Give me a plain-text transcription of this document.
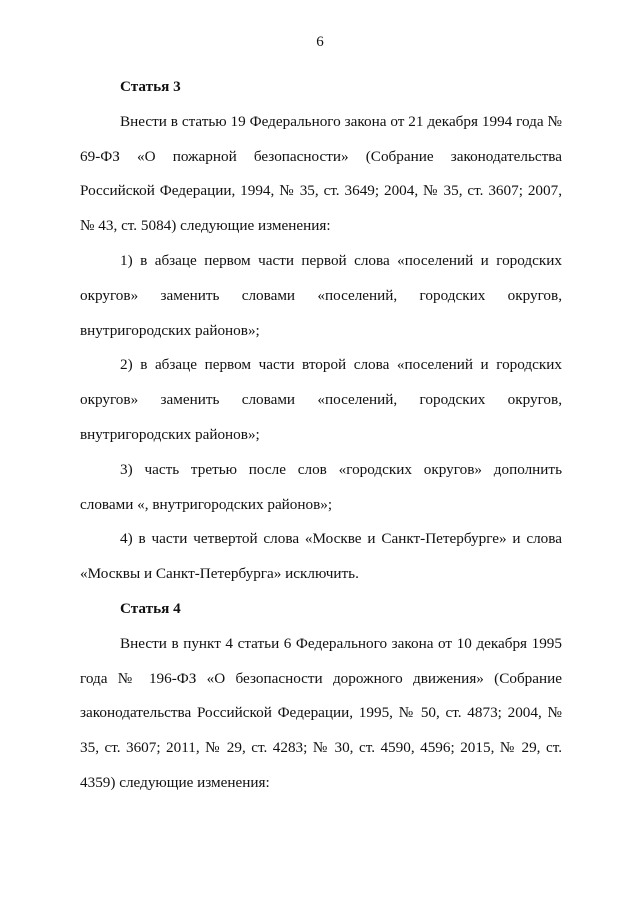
6

Статья 3

Внести в статью 19 Федерального закона от 21 декабря 1994 года № 69-ФЗ «О пожарной безопасности» (Собрание законодательства Российской Федерации, 1994, № 35, ст. 3649; 2004, № 35, ст. 3607; 2007, № 43, ст. 5084) следующие изменения:

1) в абзаце первом части первой слова «поселений и городских округов» заменить словами «поселений, городских округов, внутригородских районов»;

2) в абзаце первом части второй слова «поселений и городских округов» заменить словами «поселений, городских округов, внутригородских районов»;

3) часть третью после слов «городских округов» дополнить словами «, внутригородских районов»;

4) в части четвертой слова «Москве и Санкт-Петербурге» и слова «Москвы и Санкт-Петербурга» исключить.

Статья 4

Внести в пункт 4 статьи 6 Федерального закона от 10 декабря 1995 года № 196-ФЗ «О безопасности дорожного движения» (Собрание законодательства Российской Федерации, 1995, № 50, ст. 4873; 2004, № 35, ст. 3607; 2011, № 29, ст. 4283; № 30, ст. 4590, 4596; 2015, № 29, ст. 4359) следующие изменения:
